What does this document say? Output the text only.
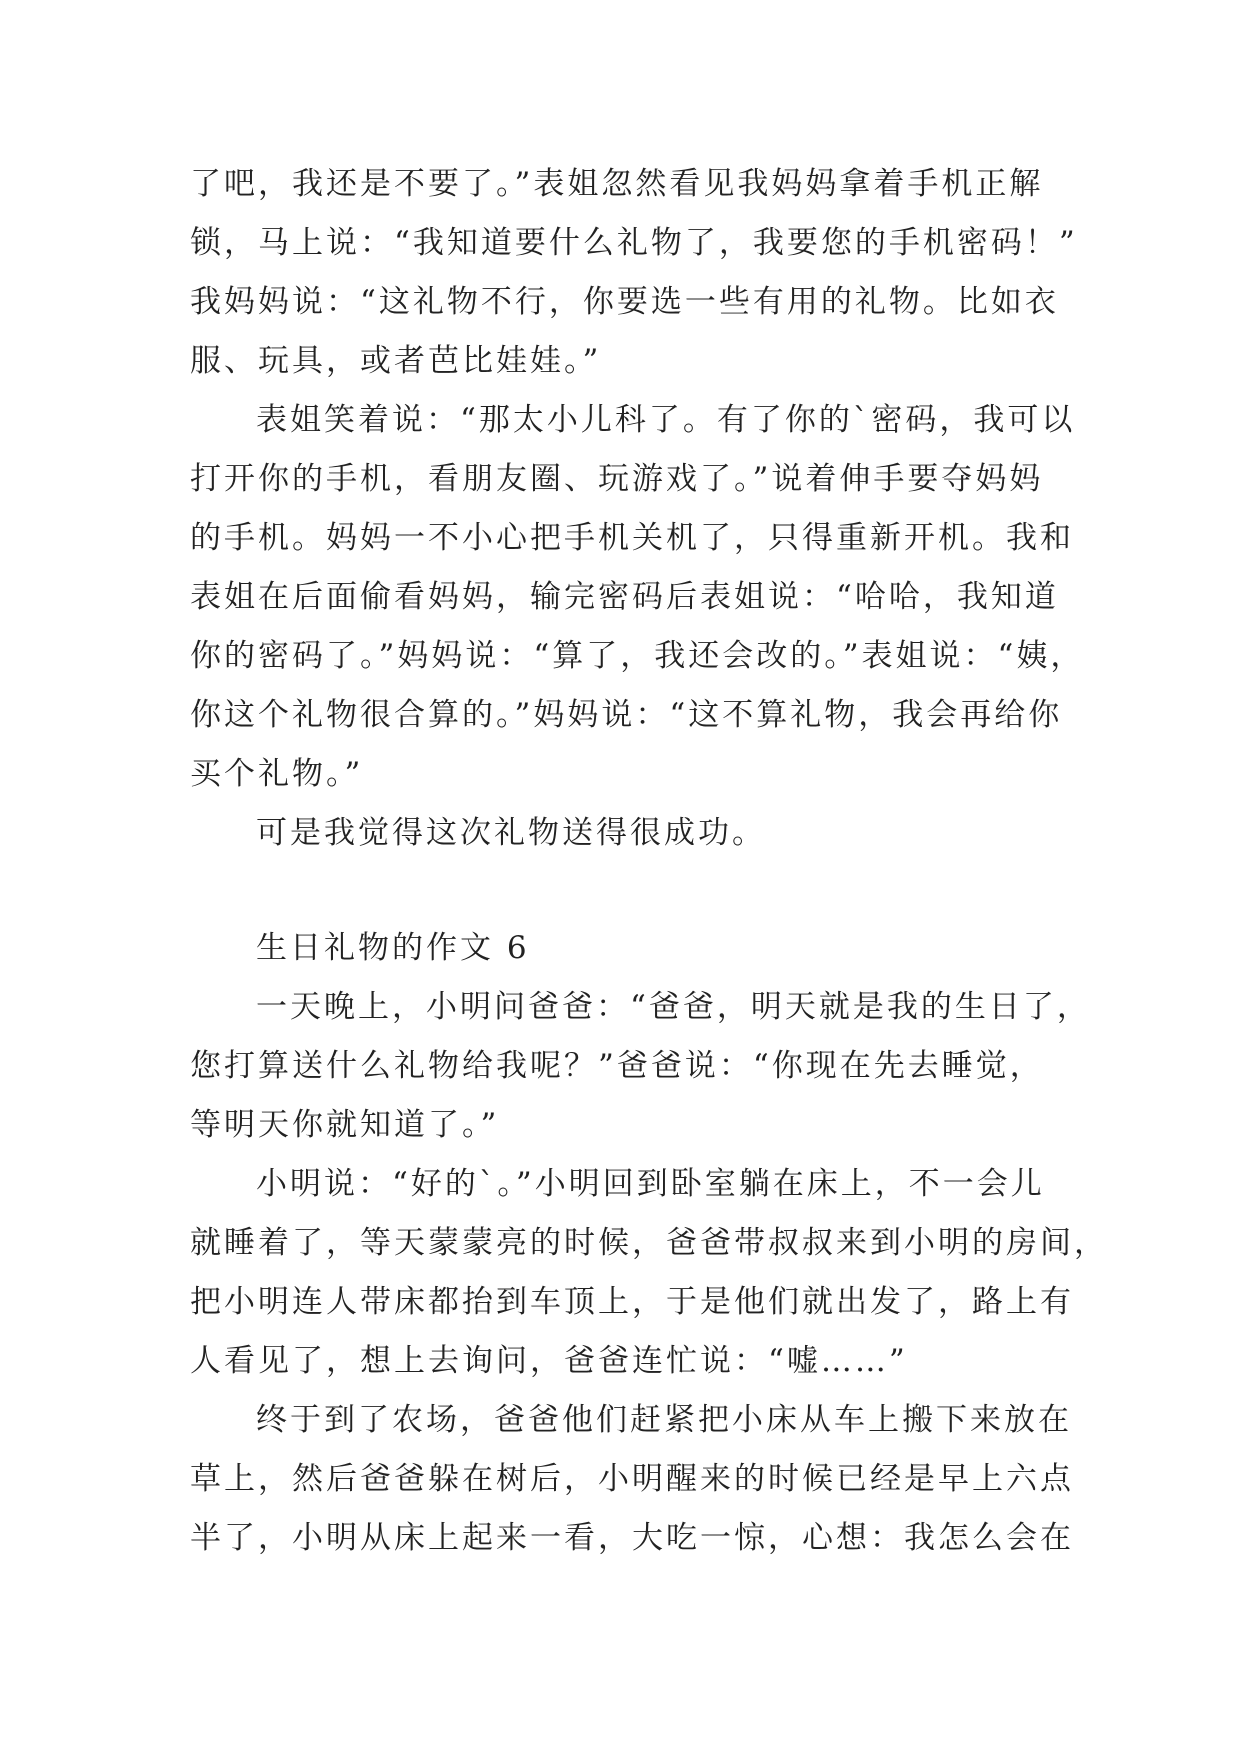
了吧，我还是不要了。”表姐忽然看见我妈妈拿着手机正解
锁，马上说：“我知道要什么礼物了，我要您的手机密码！”
我妈妈说：“这礼物不行，你要选一些有用的礼物。比如衣
服、玩具，或者芭比娃娃。”
表姐笑着说：“那太小儿科了。有了你的`密码，我可以
打开你的手机，看朋友圈、玩游戏了。”说着伸手要夺妈妈
的手机。妈妈一不小心把手机关机了，只得重新开机。我和
表姐在后面偷看妈妈，输完密码后表姐说：“哈哈，我知道
你的密码了。”妈妈说：“算了，我还会改的。”表姐说：“姨，
你这个礼物很合算的。”妈妈说：“这不算礼物，我会再给你
买个礼物。”
可是我觉得这次礼物送得很成功。
生日礼物的作文 6
一天晚上，小明问爸爸：“爸爸，明天就是我的生日了，
您打算送什么礼物给我呢？”爸爸说：“你现在先去睡觉，
等明天你就知道了。”
小明说：“好的`。”小明回到卧室躺在床上，不一会儿
就睡着了，等天蒙蒙亮的时候，爸爸带叔叔来到小明的房间，
把小明连人带床都抬到车顶上，于是他们就出发了，路上有
人看见了，想上去询问，爸爸连忙说：“嘘……”
终于到了农场，爸爸他们赶紧把小床从车上搬下来放在
草上，然后爸爸躲在树后，小明醒来的时候已经是早上六点
半了，小明从床上起来一看，大吃一惊，心想：我怎么会在
